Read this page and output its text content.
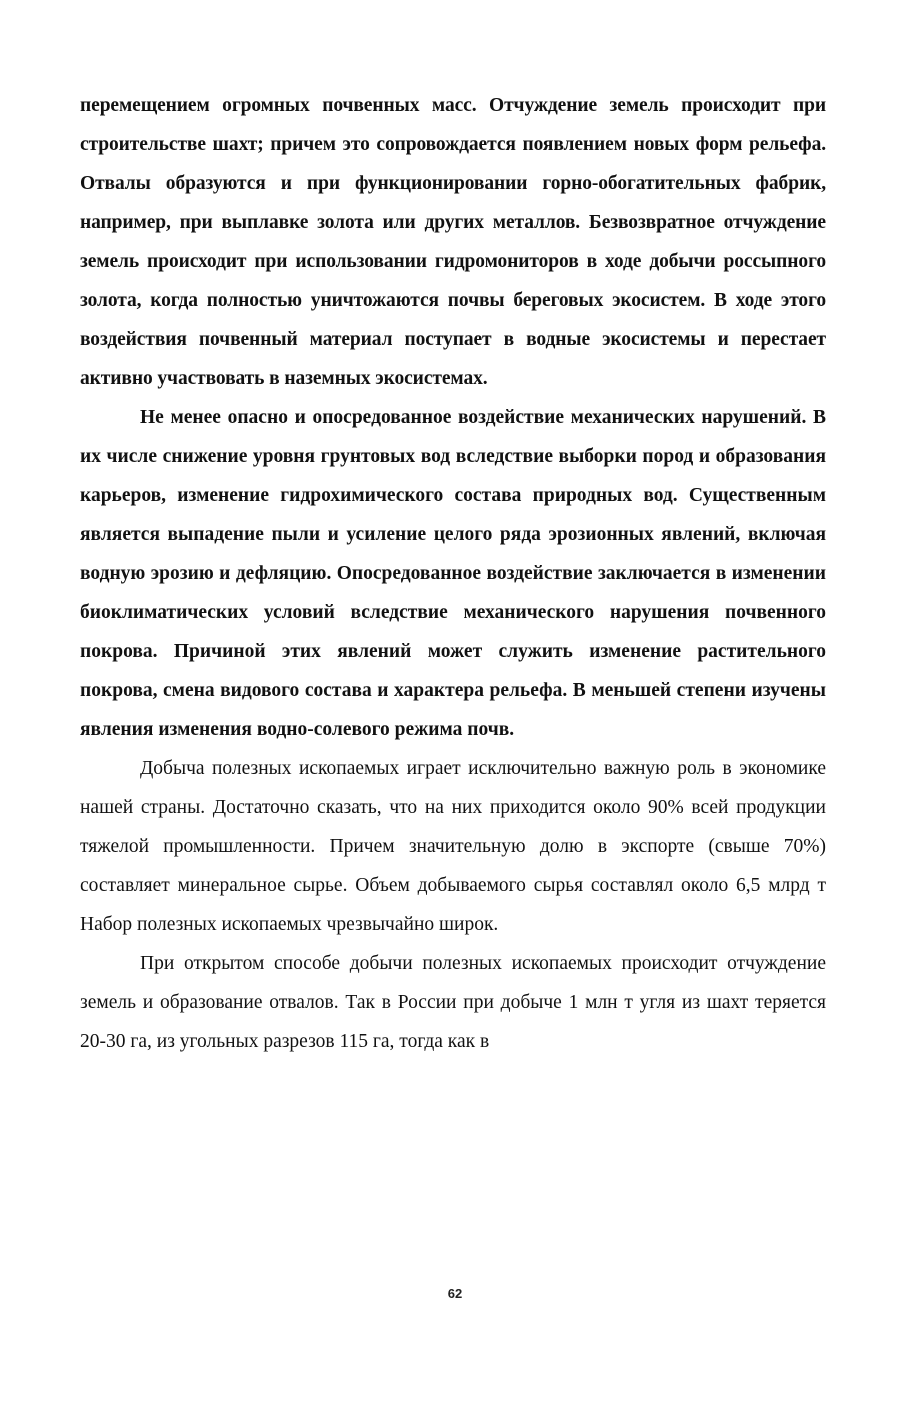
перемещением огромных почвенных масс. Отчуждение земель происходит при строительстве шахт; причем это сопровождается появлением новых форм рельефа. Отвалы образуются и при функционировании горно-обогатительных фабрик, например, при выплавке золота или других металлов. Безвозвратное отчуждение земель происходит при использовании гидромониторов в ходе добычи россыпного золота, когда полностью уничтожаются почвы береговых экосистем. В ходе этого воздействия почвенный материал поступает в водные экосистемы и перестает активно участвовать в наземных экосистемах.

Не менее опасно и опосредованное воздействие механических нарушений. В их числе снижение уровня грунтовых вод вследствие выборки пород и образования карьеров, изменение гидрохимического состава природных вод. Существенным является выпадение пыли и усиление целого ряда эрозионных явлений, включая водную эрозию и дефляцию. Опосредованное воздействие заключается в изменении биоклиматических условий вследствие механического нарушения почвенного покрова. Причиной этих явлений может служить изменение растительного покрова, смена видового состава и характера рельефа. В меньшей степени изучены явления изменения водно-солевого режима почв.

Добыча полезных ископаемых играет исключительно важную роль в экономике нашей страны. Достаточно сказать, что на них приходится около 90% всей продукции тяжелой промышленности. Причем значительную долю в экспорте (свыше 70%) составляет минеральное сырье. Объем добываемого сырья составлял около 6,5 млрд т Набор полезных ископаемых чрезвычайно широк.

При открытом способе добычи полезных ископаемых происходит отчуждение земель и образование отвалов. Так в России при добыче 1 млн т угля из шахт теряется 20-30 га, из угольных разрезов 115 га, тогда как в

62
